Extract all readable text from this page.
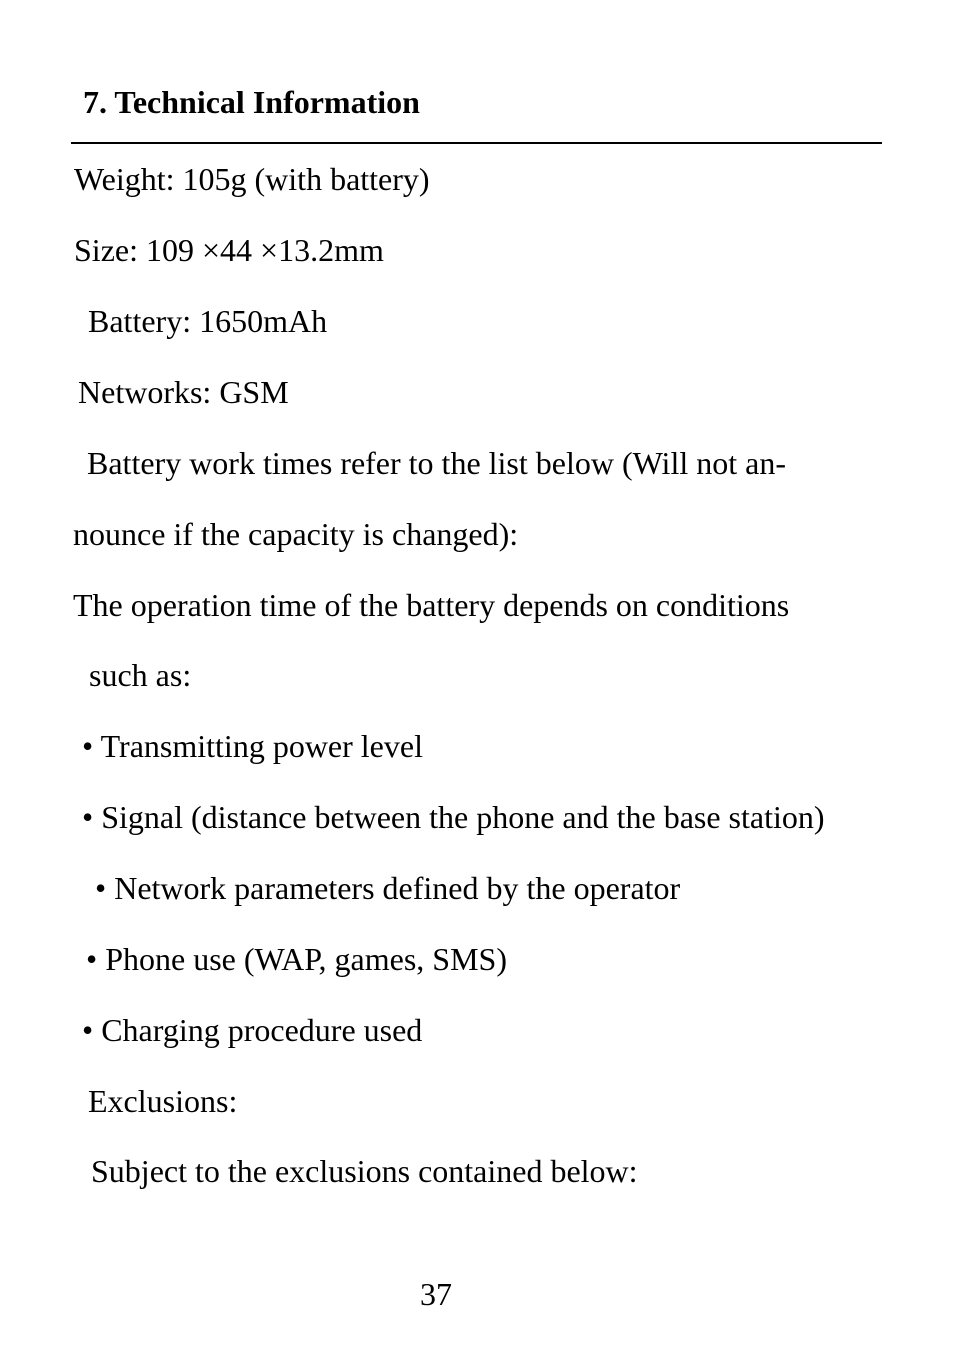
7. Technical Information
Weight: 105g (with battery)
Size: 109 ×44 ×13.2mm
Battery: 1650mAh
Networks: GSM
Battery work times refer to the list below (Will not an-
nounce if the capacity is changed):
The operation time of the battery depends on conditions
such as:
• Transmitting power level
• Signal (distance between the phone and the base station)
• Network parameters defined by the operator
• Phone use (WAP, games, SMS)
• Charging procedure used
Exclusions:
Subject to the exclusions contained below:
37
